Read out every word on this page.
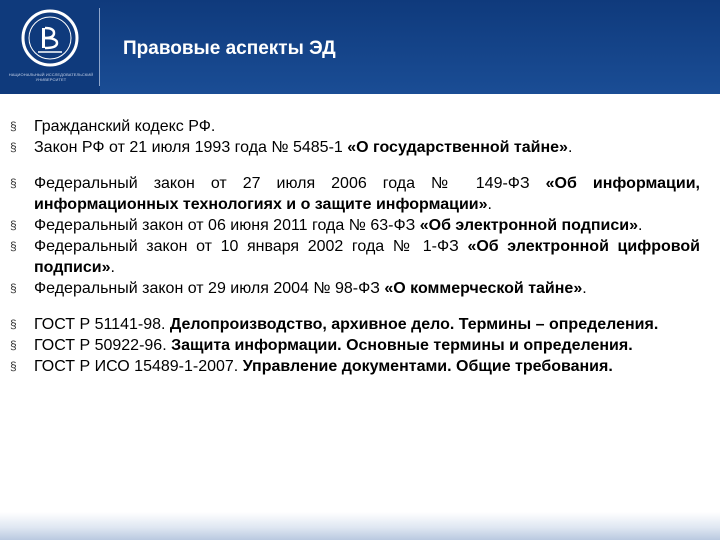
НАЦИОНАЛЬНЫЙ ИССЛЕДОВАТЕЛЬСКИЙ УНИВЕРСИТЕТ
Правовые аспекты ЭД
§ Гражданский кодекс РФ.
§ Закон РФ от 21 июля 1993 года № 5485-1 «О государственной тайне».
§ Федеральный закон от 27 июля 2006 года № 149-ФЗ «Об информации, информационных технологиях и о защите информации».
§ Федеральный закон от 06 июня 2011 года № 63-ФЗ «Об электронной подписи».
§ Федеральный закон от 10 января 2002 года № 1-ФЗ «Об электронной цифровой подписи».
§ Федеральный закон от 29 июля 2004 № 98-ФЗ «О коммерческой тайне».
§ ГОСТ Р 51141-98. Делопроизводство, архивное дело. Термины – определения.
§ ГОСТ Р 50922-96. Защита информации. Основные термины и определения.
§ ГОСТ Р ИСО 15489-1-2007. Управление документами. Общие требования.
